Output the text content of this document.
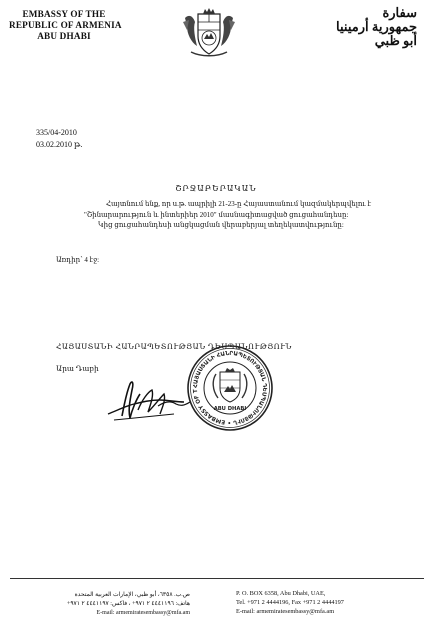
EMBASSY OF THE
REPUBLIC OF ARMENIA
ABU DHABI
سفارة
جمهورية أرمينيا
أبو ظبي
335/04-2010
03.02.2010 թ.
ՇՐՋԱԲԵՐԱԿԱՆ
Հայտնում ենք, որ ս.թ. ապրիլի 21-23-ը Հայաստանում կազմակերպվելու է
"Շինարարություն և ինտերիեր 2010" մասնագիտացված ցուցահանդեսը:
Կից ցուցահանդեսի անցկացման վերաբերյալ տեղեկատվությունը:
Առդիր՝ 4 էջ:
ՀԱՅԱՍՏԱՆԻ ՀԱՆՐԱՊԵՏՈՒԹՅԱՆ ԴԵՍՊԱՆՈՒԹՅՈՒՆ
Արա Դաբի
ՀԱՅԱՍՏԱՆԻ ՀԱՆՐԱՊԵՏՈՒԹՅԱՆ ԴԵՍՊԱՆՈՒԹՅՈՒՆ • EMBASSY OF T
ABU DHABI
ص.ب. ٦٣٥٨، أبو ظبي، الإمارات العربية المتحدة
هاتف: ٤٤٤١١٩٦ ٢ ٩٧١+ ، فاكس: ٤٤٤١١٩٧ ٢ ٩٧١+
E-mail: armemiratesembassy@mfa.am
P. O. BOX 6358, Abu Dhabi, UAE,
Tel. +971 2 4444196, Fax +971 2 4444197
E-mail: armemiratesembassy@mfa.am
